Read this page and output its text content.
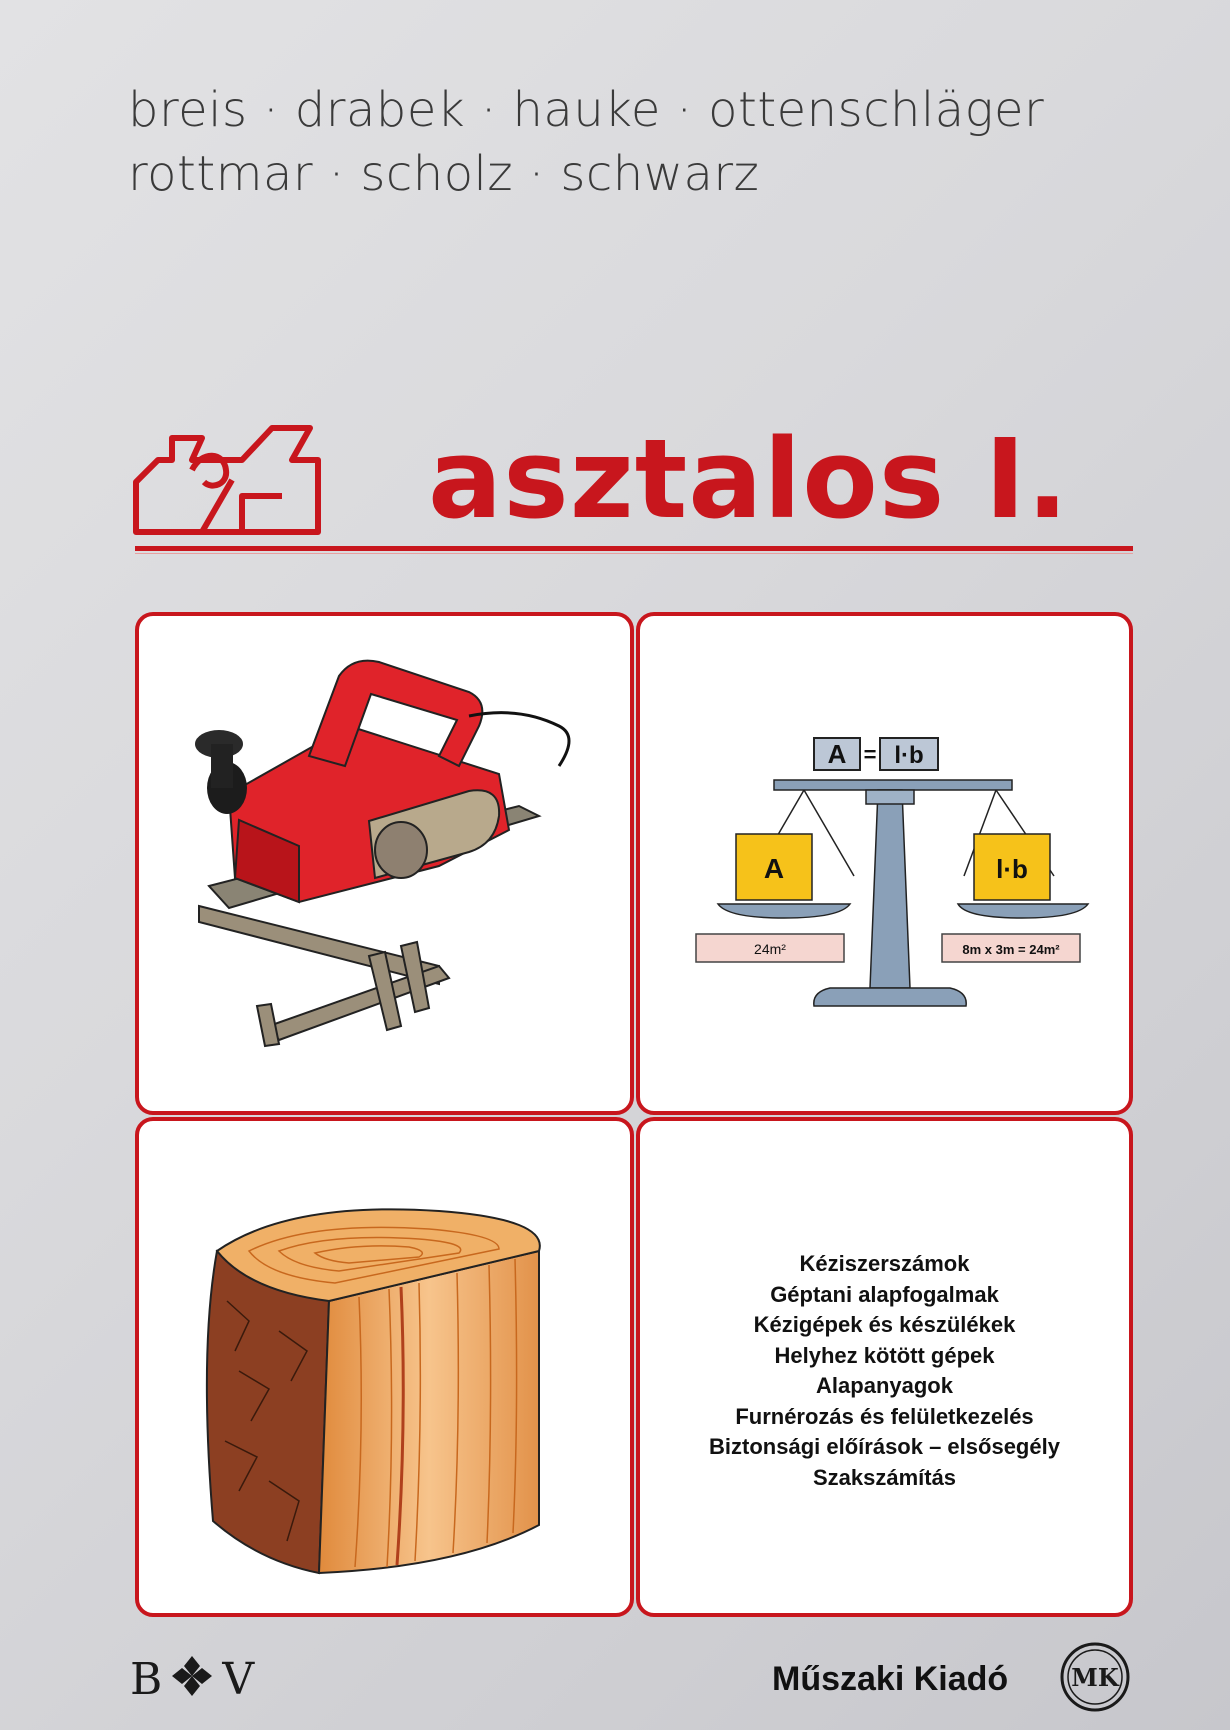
breis · drabek · hauke · ottenschläger
rottmar · scholz · schwarz
asztalos I.
A = l·b
A	l·b
24m²	8m x 3m = 24m²
Kéziszerszámok
Géptani alapfogalmak
Kézigépek és készülékek
Helyhez kötött gépek
Alapanyagok
Furnérozás és felületkezelés
Biztonsági előírások – elsősegély
Szakszámítás
B V	Műszaki Kiadó	MK
